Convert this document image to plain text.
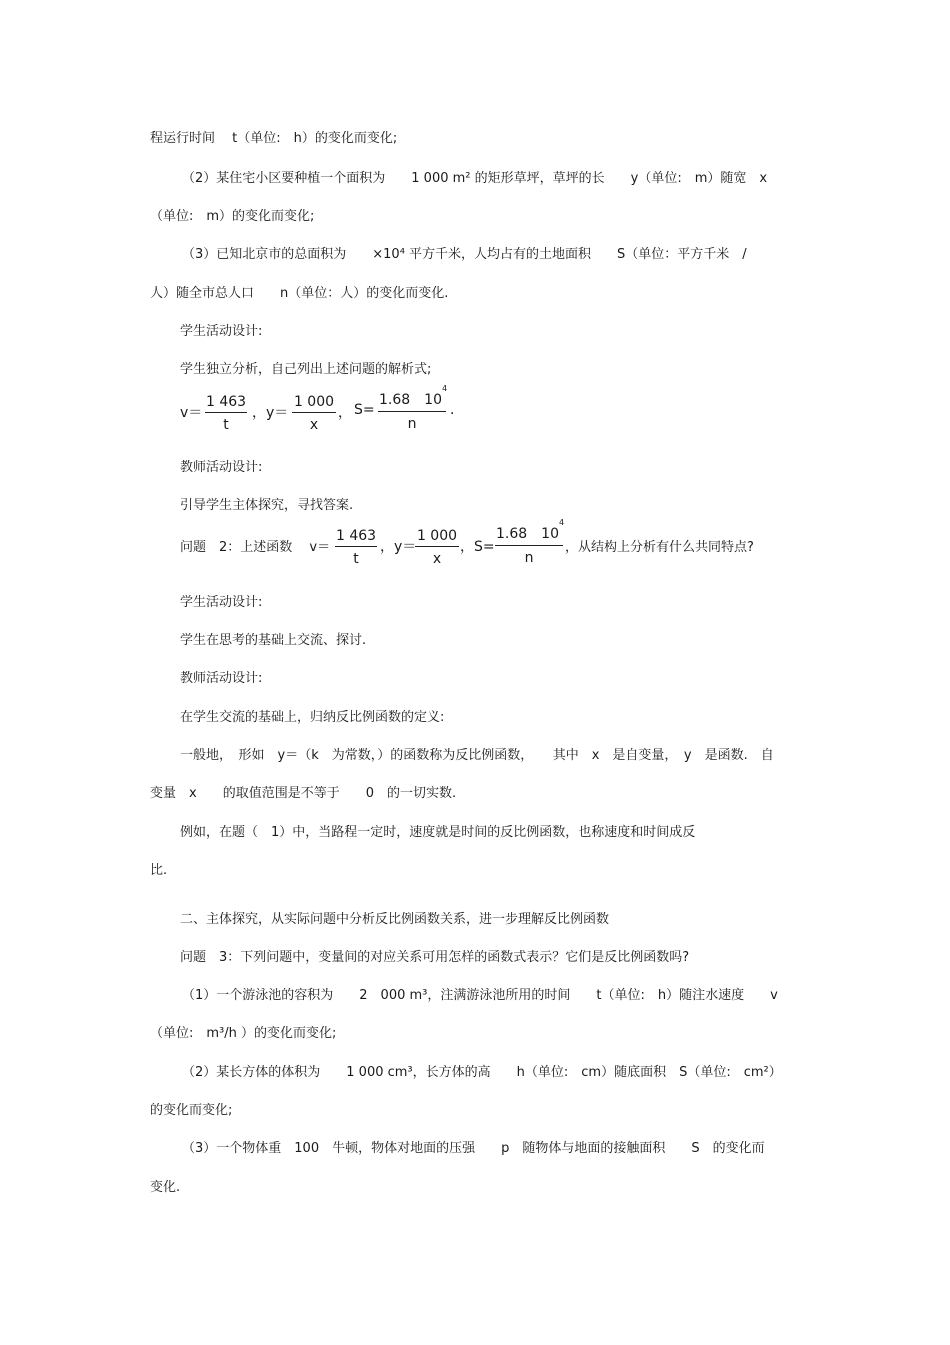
程运行时间　 t（单位:　h）的变化而变化;
（2）某住宅小区要种植一个面积为　　1 000 m² 的矩形草坪，草坪的长　　y（单位:　m）随宽　x
（单位:　m）的变化而变化;
（3）已知北京市的总面积为　　×10⁴ 平方千米，人均占有的土地面积　　S（单位：平方千米　/
人）随全市总人口　　n（单位：人）的变化而变化.
学生活动设计:
学生独立分析，自己列出上述问题的解析式;
$v= \frac{1 463}{t}$ ， $y= \frac{1 000}{x}$ ， $S= \frac{1.68 10^4}{n}$ .
教师活动设计:
引导学生主体探究，寻找答案.
问题　2：上述函数　 $v= \frac{1 463}{t}$ ，y＝
$\frac{1 000}{x}$ ，$S= \frac{1.68 10^4}{n}$ ，从结构上分析有什么共同特点?
学生活动设计:
学生在思考的基础上交流、探讨.
教师活动设计:
在学生交流的基础上，归纳反比例函数的定义:
一般地，　形如　y＝（k　为常数，）的函数称为反比例函数，　　其中　x　是自变量，　y　是函数.　自
变量　x　　的取值范围是不等于　　0　的一切实数.
例如，在题（　1）中，当路程一定时，速度就是时间的反比例函数，也称速度和时间成反
比.
二、主体探究，从实际问题中分析反比例函数关系，进一步理解反比例函数
问题　3：下列问题中，变量间的对应关系可用怎样的函数式表示？它们是反比例函数吗?
（1）一个游泳池的容积为　　2　000 m³，注满游泳池所用的时间　　t（单位:　h）随注水速度　　v
（单位:　m³/h ）的变化而变化;
（2）某长方体的体积为　　1 000 cm³，长方体的高　　h（单位:　cm）随底面积　S（单位:　cm²）
的变化而变化;
（3）一个物体重　100　牛顿，物体对地面的压强　　p　随物体与地面的接触面积　　S　的变化而
变化.
